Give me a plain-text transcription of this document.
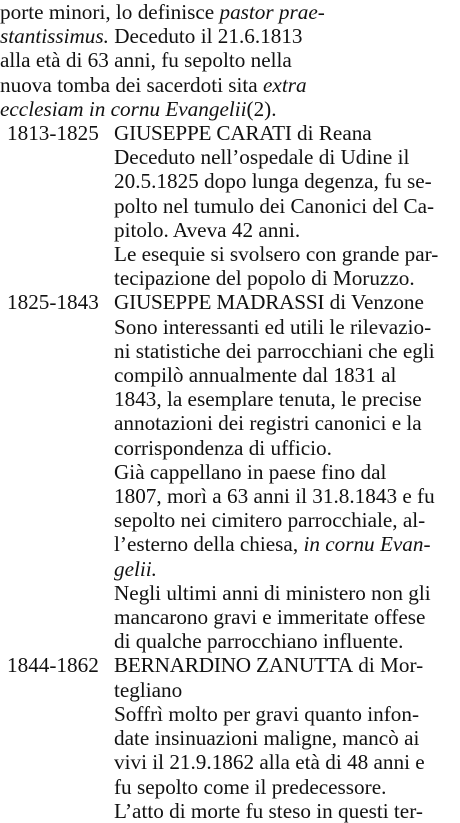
porte minori, lo definisce pastor prae-
stantissimus. Deceduto il 21.6.1813
alla età di 63 anni, fu sepolto nella
nuova tomba dei sacerdoti sita extra
ecclesiam in cornu Evangelii(2).
1813-1825 GIUSEPPE CARATI di Reana
Deceduto nell’ospedale di Udine il
20.5.1825 dopo lunga degenza, fu se-
polto nel tumulo dei Canonici del Ca-
pitolo. Aveva 42 anni.
Le esequie si svolsero con grande par-
tecipazione del popolo di Moruzzo.
1825-1843 GIUSEPPE MADRASSI di Venzone
Sono interessanti ed utili le rilevazio-
ni statistiche dei parrocchiani che egli
compilò annualmente dal 1831 al
1843, la esemplare tenuta, le precise
annotazioni dei registri canonici e la
corrispondenza di ufficio.
Già cappellano in paese fino dal
1807, morì a 63 anni il 31.8.1843 e fu
sepolto nei cimitero parrocchiale, al-
l’esterno della chiesa, in cornu Evan-
gelii.
Negli ultimi anni di ministero non gli
mancarono gravi e immeritate offese
di qualche parrocchiano influente.
1844-1862 BERNARDINO ZANUTTA di Mor-
tegliano
Soffrì molto per gravi quanto infon-
date insinuazioni maligne, mancò ai
vivi il 21.9.1862 alla età di 48 anni e
fu sepolto come il predecessore.
L’atto di morte fu steso in questi ter-
